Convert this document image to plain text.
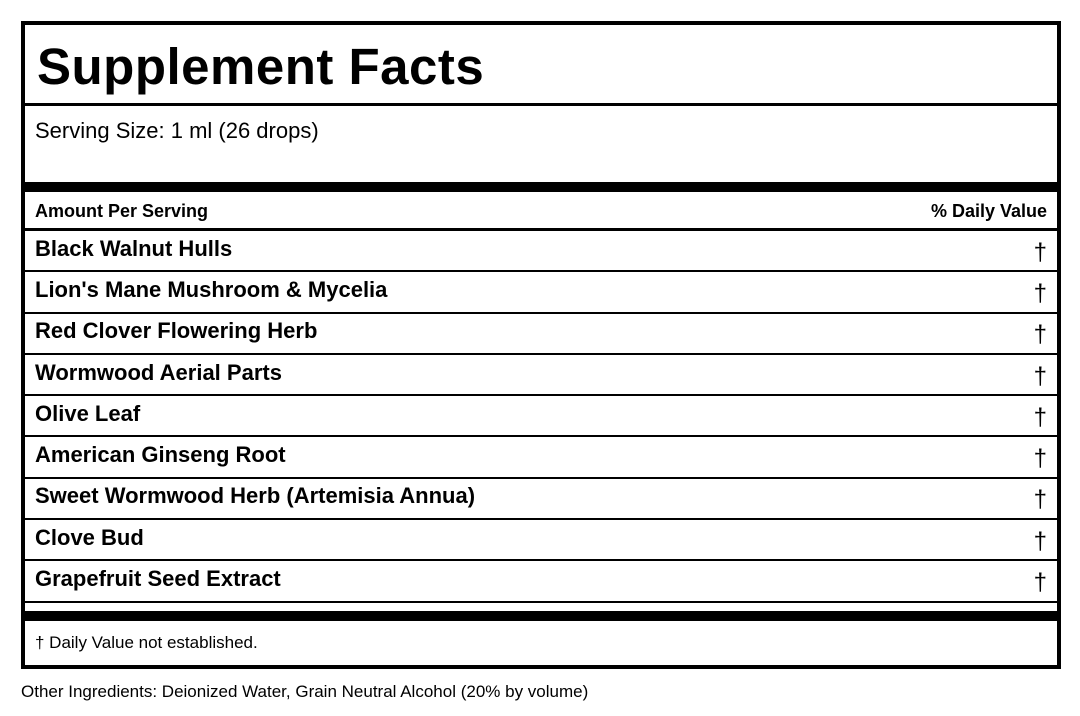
Supplement Facts
Serving Size: 1 ml (26 drops)
Amount Per Serving	% Daily Value
Black Walnut Hulls	†
Lion's Mane Mushroom & Mycelia	†
Red Clover Flowering Herb	†
Wormwood Aerial Parts	†
Olive Leaf	†
American Ginseng Root	†
Sweet Wormwood Herb (Artemisia Annua)	†
Clove Bud	†
Grapefruit Seed Extract	†
† Daily Value not established.
Other Ingredients: Deionized Water, Grain Neutral Alcohol (20% by volume)
